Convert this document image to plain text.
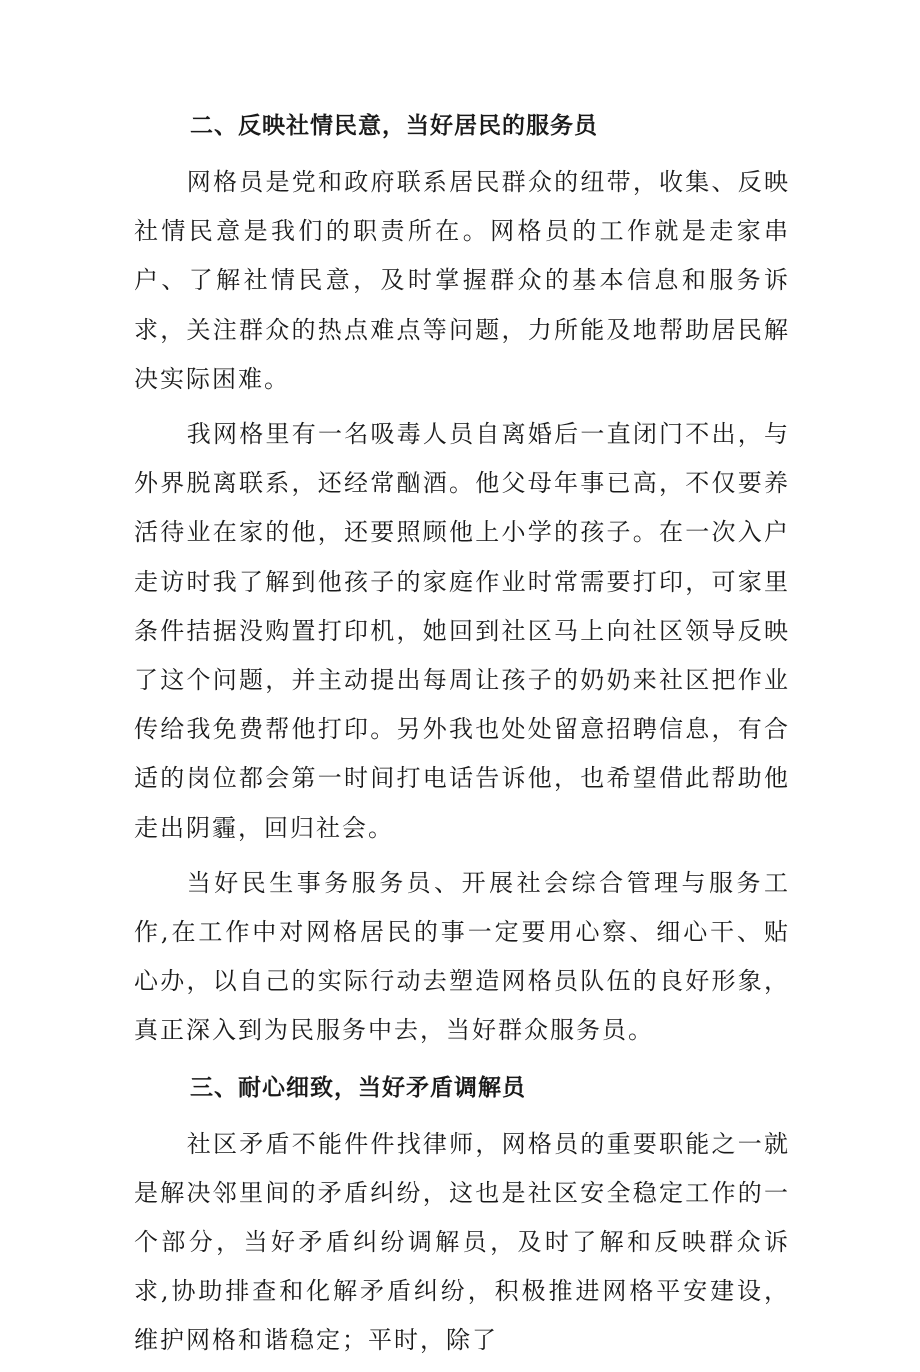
二、反映社情民意，当好居民的服务员

网格员是党和政府联系居民群众的纽带，收集、反映社情民意是我们的职责所在。网格员的工作就是走家串户、了解社情民意，及时掌握群众的基本信息和服务诉求，关注群众的热点难点等问题，力所能及地帮助居民解决实际困难。

我网格里有一名吸毒人员自离婚后一直闭门不出，与外界脱离联系，还经常酗酒。他父母年事已高，不仅要养活待业在家的他，还要照顾他上小学的孩子。在一次入户走访时我了解到他孩子的家庭作业时常需要打印，可家里条件拮据没购置打印机，她回到社区马上向社区领导反映了这个问题，并主动提出每周让孩子的奶奶来社区把作业传给我免费帮他打印。另外我也处处留意招聘信息，有合适的岗位都会第一时间打电话告诉他，也希望借此帮助他走出阴霾，回归社会。

当好民生事务服务员、开展社会综合管理与服务工作,在工作中对网格居民的事一定要用心察、细心干、贴心办，以自己的实际行动去塑造网格员队伍的良好形象，真正深入到为民服务中去，当好群众服务员。

三、耐心细致，当好矛盾调解员

社区矛盾不能件件找律师，网格员的重要职能之一就是解决邻里间的矛盾纠纷，这也是社区安全稳定工作的一个部分，当好矛盾纠纷调解员，及时了解和反映群众诉求,协助排查和化解矛盾纠纷，积极推进网格平安建设，维护网格和谐稳定；平时，除了
